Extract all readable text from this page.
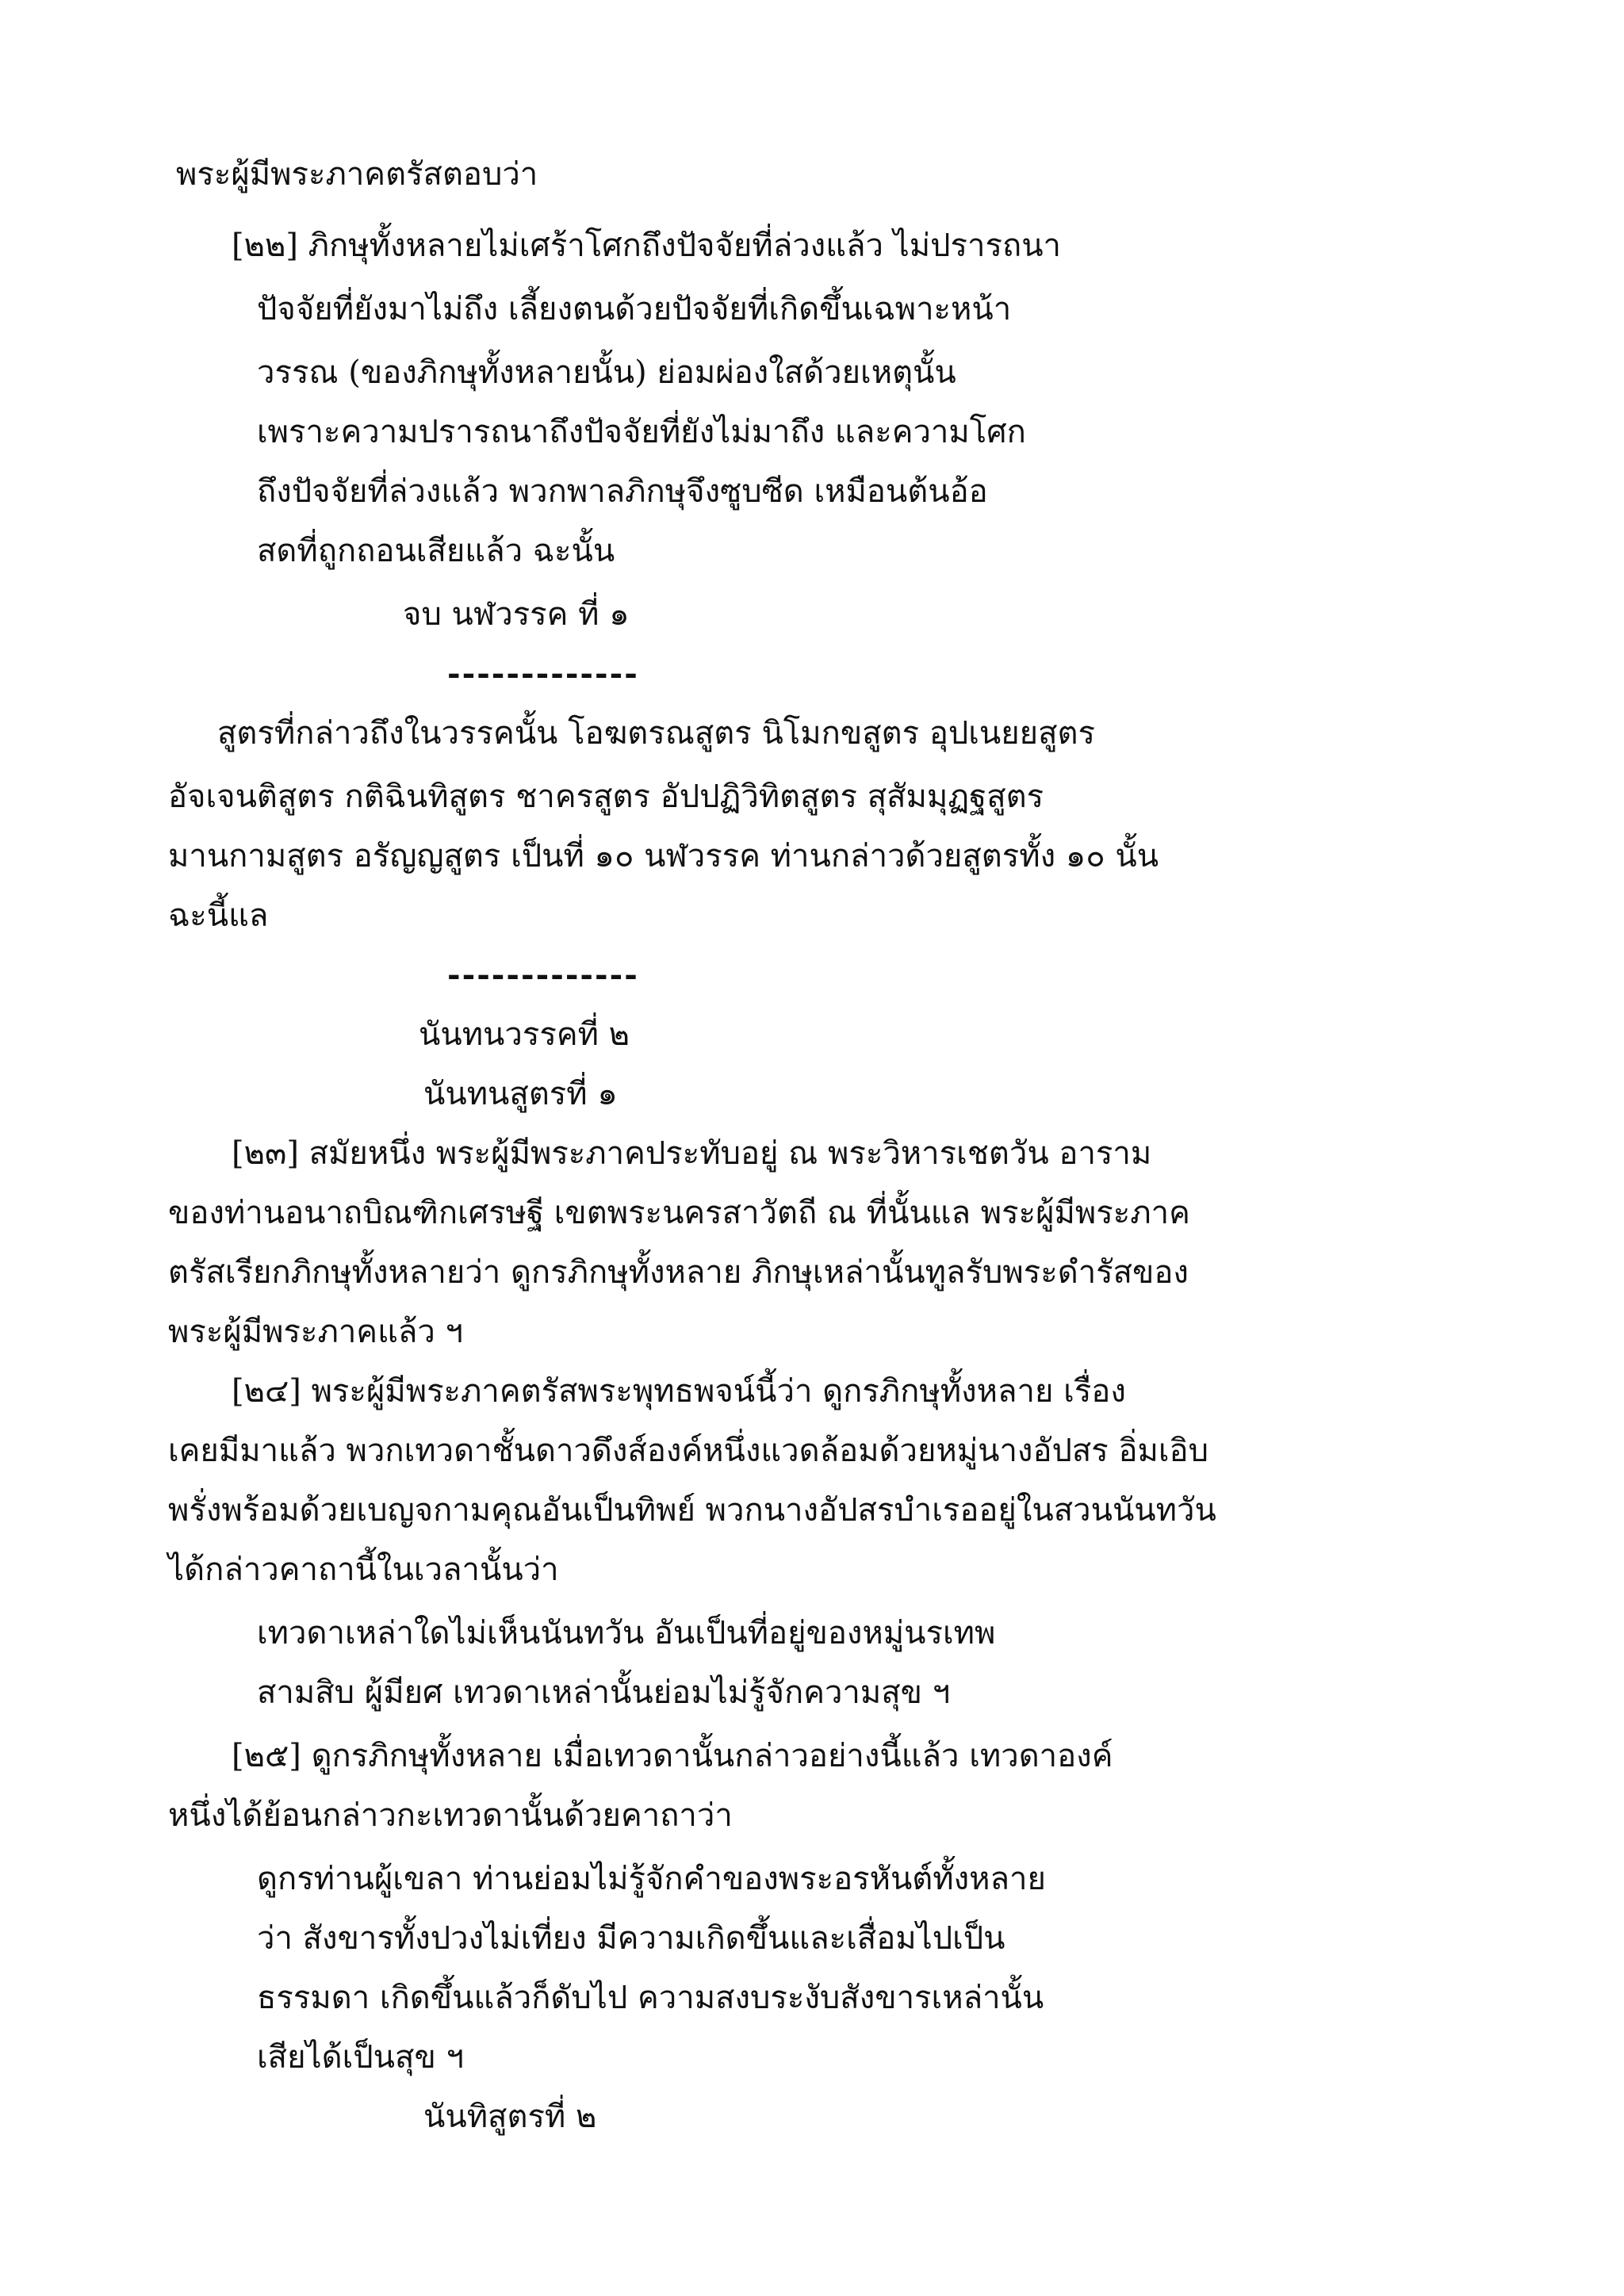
พระผู้มีพระภาคตรัสตอบว่า
[๒๒] ภิกษุทั้งหลายไม่เศร้าโศกถึงปัจจัยที่ล่วงแล้ว ไม่ปรารถนา
ปัจจัยที่ยังมาไม่ถึง เลี้ยงตนด้วยปัจจัยที่เกิดขึ้นเฉพาะหน้า
วรรณ (ของภิกษุทั้งหลายนั้น) ย่อมผ่องใสด้วยเหตุนั้น
เพราะความปรารถนาถึงปัจจัยที่ยังไม่มาถึง และความโศก
ถึงปัจจัยที่ล่วงแล้ว พวกพาลภิกษุจึงซูบซีด เหมือนต้นอ้อ
สดที่ถูกถอนเสียแล้ว ฉะนั้น
จบ นฬวรรค ที่ ๑
-------------
สูตรที่กล่าวถึงในวรรคนั้น โอฆตรณสูตร นิโมกขสูตร อุปเนยยสูตร
อัจเจนติสูตร กติฉินทิสูตร ชาครสูตร อัปปฏิวิทิตสูตร สุสัมมุฏฐสูตร
มานกามสูตร อรัญญสูตร เป็นที่ ๑๐ นฬวรรค ท่านกล่าวด้วยสูตรทั้ง ๑๐ นั้น
ฉะนี้แล
-------------
นันทนวรรคที่ ๒
นันทนสูตรที่ ๑
[๒๓] สมัยหนึ่ง พระผู้มีพระภาคประทับอยู่ ณ พระวิหารเชตวัน อาราม
ของท่านอนาถบิณฑิกเศรษฐี เขตพระนครสาวัตถี ณ ที่นั้นแล พระผู้มีพระภาค
ตรัสเรียกภิกษุทั้งหลายว่า ดูกรภิกษุทั้งหลาย ภิกษุเหล่านั้นทูลรับพระดำรัสของ
พระผู้มีพระภาคแล้ว ฯ
[๒๔] พระผู้มีพระภาคตรัสพระพุทธพจน์นี้ว่า ดูกรภิกษุทั้งหลาย เรื่อง
เคยมีมาแล้ว พวกเทวดาชั้นดาวดึงส์องค์หนึ่งแวดล้อมด้วยหมู่นางอัปสร อิ่มเอิบ
พรั่งพร้อมด้วยเบญจกามคุณอันเป็นทิพย์ พวกนางอัปสรบำเรออยู่ในสวนนันทวัน
ได้กล่าวคาถานี้ในเวลานั้นว่า
เทวดาเหล่าใดไม่เห็นนันทวัน อันเป็นที่อยู่ของหมู่นรเทพ
สามสิบ ผู้มียศ เทวดาเหล่านั้นย่อมไม่รู้จักความสุข ฯ
[๒๕] ดูกรภิกษุทั้งหลาย เมื่อเทวดานั้นกล่าวอย่างนี้แล้ว เทวดาองค์
หนึ่งได้ย้อนกล่าวกะเทวดานั้นด้วยคาถาว่า
ดูกรท่านผู้เขลา ท่านย่อมไม่รู้จักคำของพระอรหันต์ทั้งหลาย
ว่า สังขารทั้งปวงไม่เที่ยง มีความเกิดขึ้นและเสื่อมไปเป็น
ธรรมดา เกิดขึ้นแล้วก็ดับไป ความสงบระงับสังขารเหล่านั้น
เสียได้เป็นสุข ฯ
นันทิสูตรที่ ๒
